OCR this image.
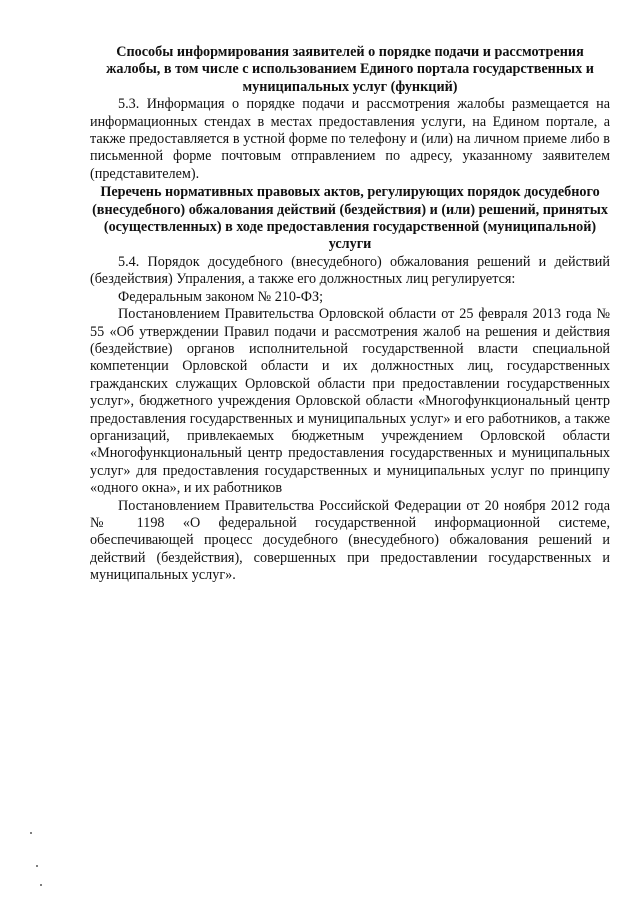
Способы информирования заявителей о порядке подачи и рассмотрения жалобы, в том числе с использованием Единого портала государственных и муниципальных услуг (функций)

5.3. Информация о порядке подачи и рассмотрения жалобы размещается на информационных стендах в местах предоставления услуги, на Едином портале, а также предоставляется в устной форме по телефону и (или) на личном приеме либо в письменной форме почтовым отправлением по адресу, указанному заявителем (представителем).

Перечень нормативных правовых актов, регулирующих порядок досудебного (внесудебного) обжалования действий (бездействия) и (или) решений, принятых (осуществленных) в ходе предоставления государственной (муниципальной) услуги

5.4. Порядок досудебного (внесудебного) обжалования решений и действий (бездействия) Упраления, а также его должностных лиц регулируется:

Федеральным законом № 210-ФЗ;

Постановлением Правительства Орловской области от 25 февраля 2013 года № 55 «Об утверждении Правил подачи и рассмотрения жалоб на решения и действия (бездействие) органов исполнительной государственной власти специальной компетенции Орловской области и их должностных лиц, государственных гражданских служащих Орловской области при предоставлении государственных услуг», бюджетного учреждения Орловской области «Многофункциональный центр предоставления государственных и муниципальных услуг» и его работников, а также организаций, привлекаемых бюджетным учреждением Орловской области «Многофункциональный центр предоставления государственных и муниципальных услуг» для предоставления государственных и муниципальных услуг по принципу «одного окна», и их работников

Постановлением Правительства Российской Федерации от 20 ноября 2012 года № 1198 «О федеральной государственной информационной системе, обеспечивающей процесс досудебного (внесудебного) обжалования решений и действий (бездействия), совершенных при предоставлении государственных и муниципальных услуг».
